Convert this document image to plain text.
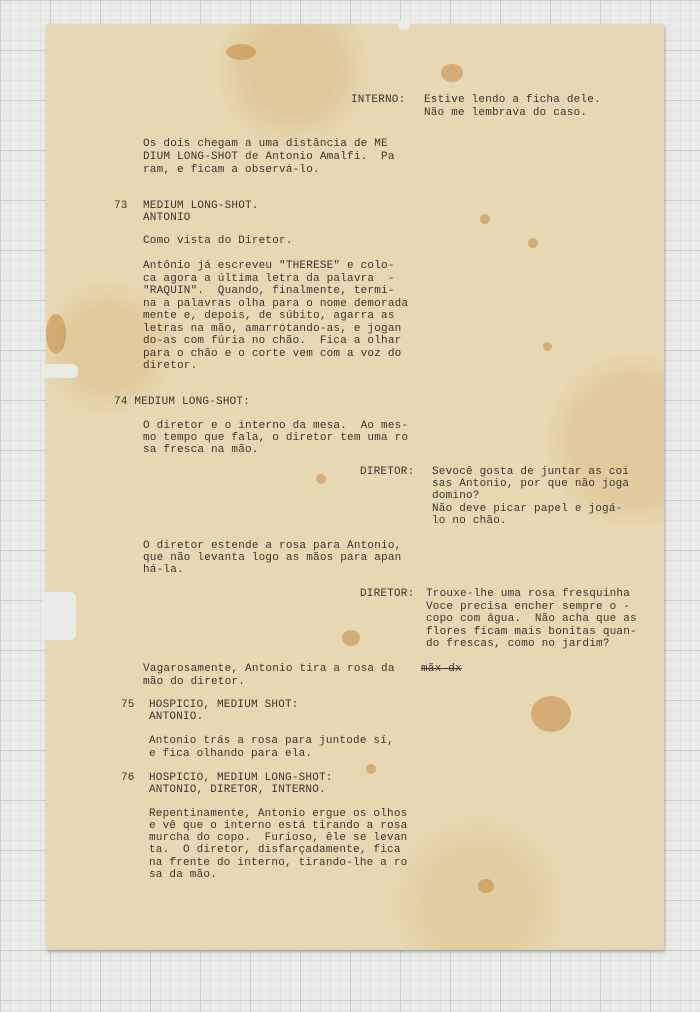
INTERNO: Estive lendo a ficha dele.
Não me lembrava do caso.
Os dois chegam a uma distância de ME
DIUM LONG-SHOT de Antonio Amalfi.  Pa
ram, e ficam a observá-lo.
73 MEDIUM LONG-SHOT.
ANTONIO
Como vista do Diretor.
Antônio já escreveu "THERESE" e colo-
ca agora a última letra da palavra  -
"RAQUIN".  Quando, finalmente, termi-
na a palavras olha para o nome demorada
mente e, depois, de súbito, agarra as
letras na mão, amarrotando-as, e jogan
do-as com fúria no chão.  Fica a olhar
para o chão e o corte vem com a voz do
diretor.
74 MEDIUM LONG-SHOT:
O diretor e o interno da mesa.  Ao mes-
mo tempo que fala, o diretor tem uma ro
sa fresca na mão.
DIRETOR: Sevocê gosta de juntar as coi
sas Antonio, por que não joga
domino?
Não deve picar papel e jogá-
lo no chão.
O diretor estende a rosa para Antonio,
que não levanta logo as mãos para apan
há-la.
DIRETOR: Trouxe-lhe uma rosa fresquinha
Voce precisa encher sempre o -
copo com água.  Não acha que as
flores ficam mais bonitas quan-
do frescas, como no jardim?
Vagarosamente, Antonio tira a rosa da
mão do diretor.
75 HOSPICIO, MEDIUM SHOT:
ANTONIO.
Antonio trás a rosa para juntode sí,
e fica olhando para ela.
76 HOSPICIO, MEDIUM LONG-SHOT:
ANTONIO, DIRETOR, INTERNO.
Repentinamente, Antonio ergue os olhos
e vê que o interno está tirando a rosa
murcha do copo.  Furioso, êle se levan
ta.  O diretor, disfarçadamente, fica
na frente do interno, tirando-lhe a ro
sa da mão.
mãx dx
